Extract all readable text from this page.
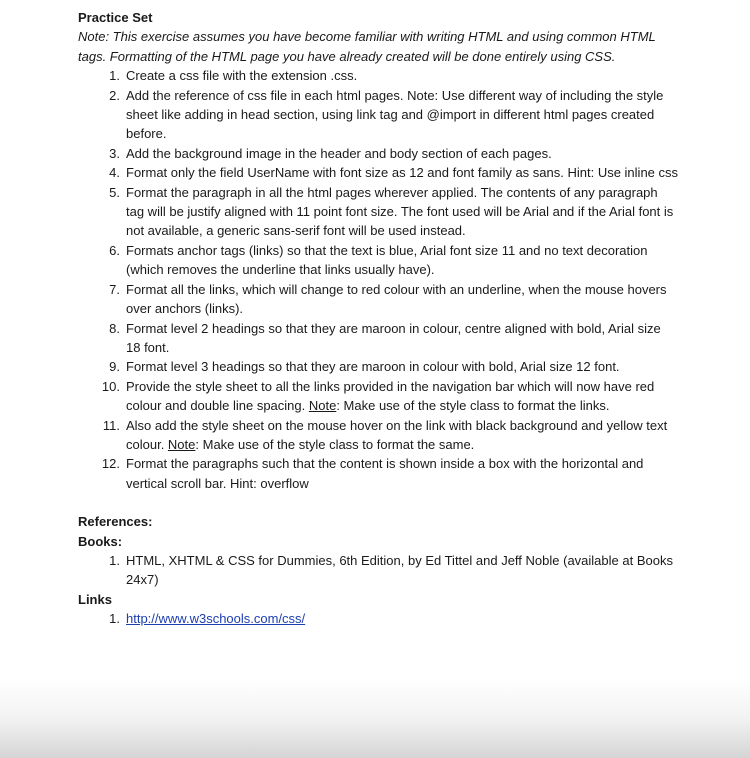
Practice Set
Note: This exercise assumes you have become familiar with writing HTML and using common HTML tags. Formatting of the HTML page you have already created will be done entirely using CSS.
1. Create a css file with the extension .css.
2. Add the reference of css file in each html pages. Note: Use different way of including the style sheet like adding in head section, using link tag and @import in different html pages created before.
3. Add the background image in the header and body section of each pages.
4. Format only the field UserName with font size as 12 and font family as sans. Hint: Use inline css
5. Format the paragraph in all the html pages wherever applied. The contents of any paragraph tag will be justify aligned with 11 point font size. The font used will be Arial and if the Arial font is not available, a generic sans-serif font will be used instead.
6. Formats anchor tags (links) so that the text is blue, Arial font size 11 and no text decoration (which removes the underline that links usually have).
7. Format all the links, which will change to red colour with an underline, when the mouse hovers over anchors (links).
8. Format level 2 headings so that they are maroon in colour, centre aligned with bold, Arial size 18 font.
9. Format level 3 headings so that they are maroon in colour with bold, Arial size 12 font.
10. Provide the style sheet to all the links provided in the navigation bar which will now have red colour and double line spacing. Note: Make use of the style class to format the links.
11. Also add the style sheet on the mouse hover on the link with black background and yellow text colour. Note: Make use of the style class to format the same.
12. Format the paragraphs such that the content is shown inside a box with the horizontal and vertical scroll bar. Hint: overflow
References:
Books:
1. HTML, XHTML & CSS for Dummies, 6th Edition, by Ed Tittel and Jeff Noble (available at Books 24x7)
Links
1. http://www.w3schools.com/css/
